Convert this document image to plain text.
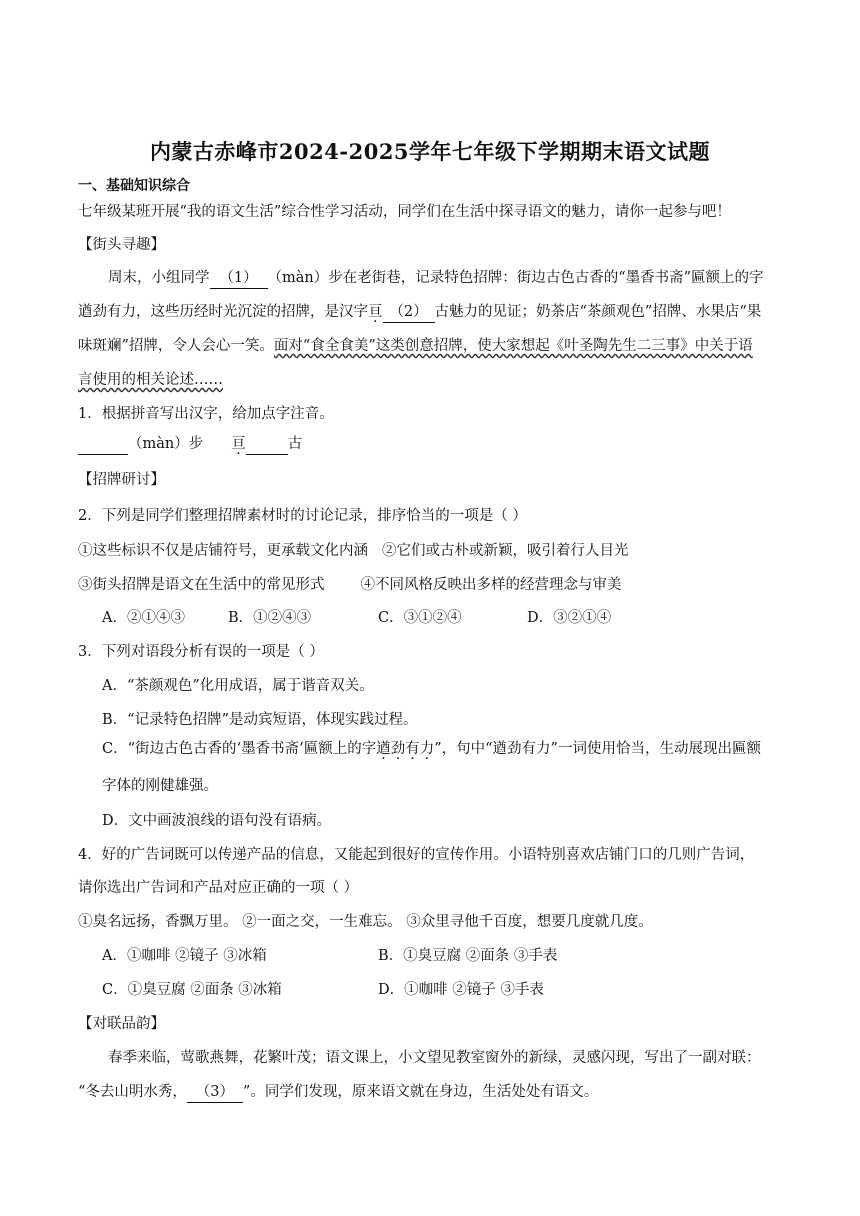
内蒙古赤峰市2024-2025学年七年级下学期期末语文试题
一、基础知识综合
七年级某班开展“我的语文生活”综合性学习活动，同学们在生活中探寻语文的魅力，请你一起参与吧！
【街头寻趣】
周末，小组同学 （1） （màn）步在老街巷，记录特色招牌：街边古色古香的“墨香书斋”匾额上的字
遒劲有力，这些历经时光沉淀的招牌，是汉字亘 （2） 古魅力的见证；奶茶店“茶颜观色”招牌、水果店“果
味斑斓”招牌，令人会心一笑。面对“食全食美”这类创意招牌，使大家想起《叶圣陶先生二三事》中关于语
言使用的相关论述……
1．根据拼音写出汉字，给加点字注音。
（màn）步 亘	古
【招牌研讨】
2．下列是同学们整理招牌素材时的讨论记录，排序恰当的一项是（ ）
①这些标识不仅是店铺符号，更承载文化内涵 ②它们或古朴或新颖，吸引着行人目光
③街头招牌是语文在生活中的常见形式 ④不同风格反映出多样的经营理念与审美
A．②①④③	B．①②④③	C．③①②④	D．③②①④
3．下列对语段分析有误的一项是（ ）
A．“茶颜观色”化用成语，属于谐音双关。
B．“记录特色招牌”是动宾短语，体现实践过程。
C．“街边古色古香的‘墨香书斋’匾额上的字遒劲有力”，句中“遒劲有力”一词使用恰当，生动展现出匾额
字体的刚健雄强。
D．文中画波浪线的语句没有语病。
4．好的广告词既可以传递产品的信息，又能起到很好的宣传作用。小语特别喜欢店铺门口的几则广告词，
请你选出广告词和产品对应正确的一项（ ）
①臭名远扬，香飘万里。 ②一面之交，一生难忘。 ③众里寻他千百度，想要几度就几度。
A．①咖啡 ②镜子 ③冰箱	B．①臭豆腐 ②面条 ③手表
C．①臭豆腐 ②面条 ③冰箱	D．①咖啡 ②镜子 ③手表
【对联品韵】
春季来临，莺歌燕舞，花繁叶茂；语文课上，小文望见教室窗外的新绿，灵感闪现，写出了一副对联：
“冬去山明水秀， （3） ”。同学们发现，原来语文就在身边，生活处处有语文。
